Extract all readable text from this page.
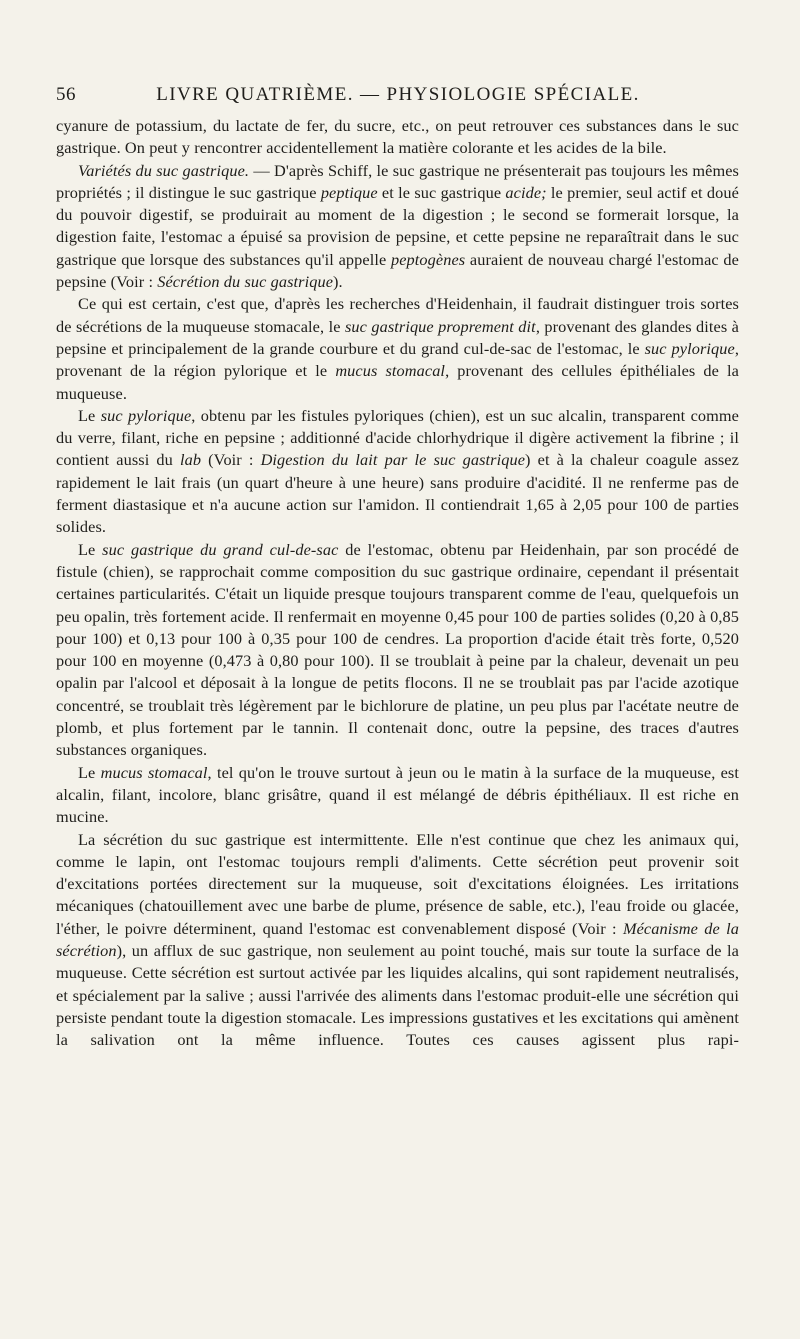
56	LIVRE QUATRIÈME. — PHYSIOLOGIE SPÉCIALE.

cyanure de potassium, du lactate de fer, du sucre, etc., on peut retrouver ces substances dans le suc gastrique. On peut y rencontrer accidentellement la matière colorante et les acides de la bile.

Variétés du suc gastrique. — D'après Schiff, le suc gastrique ne présenterait pas toujours les mêmes propriétés ; il distingue le suc gastrique peptique et le suc gastrique acide; le premier, seul actif et doué du pouvoir digestif, se produirait au moment de la digestion ; le second se formerait lorsque, la digestion faite, l'estomac a épuisé sa provision de pepsine, et cette pepsine ne reparaîtrait dans le suc gastrique que lorsque des substances qu'il appelle peptogènes auraient de nouveau chargé l'estomac de pepsine (Voir : Sécrétion du suc gastrique).

Ce qui est certain, c'est que, d'après les recherches d'Heidenhain, il faudrait distinguer trois sortes de sécrétions de la muqueuse stomacale, le suc gastrique proprement dit, provenant des glandes dites à pepsine et principalement de la grande courbure et du grand cul-de-sac de l'estomac, le suc pylorique, provenant de la région pylorique et le mucus stomacal, provenant des cellules épithéliales de la muqueuse.

Le suc pylorique, obtenu par les fistules pyloriques (chien), est un suc alcalin, transparent comme du verre, filant, riche en pepsine ; additionné d'acide chlorhydrique il digère activement la fibrine ; il contient aussi du lab (Voir : Digestion du lait par le suc gastrique) et à la chaleur coagule assez rapidement le lait frais (un quart d'heure à une heure) sans produire d'acidité. Il ne renferme pas de ferment diastasique et n'a aucune action sur l'amidon. Il contiendrait 1,65 à 2,05 pour 100 de parties solides.

Le suc gastrique du grand cul-de-sac de l'estomac, obtenu par Heidenhain, par son procédé de fistule (chien), se rapprochait comme composition du suc gastrique ordinaire, cependant il présentait certaines particularités. C'était un liquide presque toujours transparent comme de l'eau, quelquefois un peu opalin, très fortement acide. Il renfermait en moyenne 0,45 pour 100 de parties solides (0,20 à 0,85 pour 100) et 0,13 pour 100 à 0,35 pour 100 de cendres. La proportion d'acide était très forte, 0,520 pour 100 en moyenne (0,473 à 0,80 pour 100). Il se troublait à peine par la chaleur, devenait un peu opalin par l'alcool et déposait à la longue de petits flocons. Il ne se troublait pas par l'acide azotique concentré, se troublait très légèrement par le bichlorure de platine, un peu plus par l'acétate neutre de plomb, et plus fortement par le tannin. Il contenait donc, outre la pepsine, des traces d'autres substances organiques.

Le mucus stomacal, tel qu'on le trouve surtout à jeun ou le matin à la surface de la muqueuse, est alcalin, filant, incolore, blanc grisâtre, quand il est mélangé de débris épithéliaux. Il est riche en mucine.

La sécrétion du suc gastrique est intermittente. Elle n'est continue que chez les animaux qui, comme le lapin, ont l'estomac toujours rempli d'aliments. Cette sécrétion peut provenir soit d'excitations portées directement sur la muqueuse, soit d'excitations éloignées. Les irritations mécaniques (chatouillement avec une barbe de plume, présence de sable, etc.), l'eau froide ou glacée, l'éther, le poivre déterminent, quand l'estomac est convenablement disposé (Voir : Mécanisme de la sécrétion), un afflux de suc gastrique, non seulement au point touché, mais sur toute la surface de la muqueuse. Cette sécrétion est surtout activée par les liquides alcalins, qui sont rapidement neutralisés, et spécialement par la salive ; aussi l'arrivée des aliments dans l'estomac produit-elle une sécrétion qui persiste pendant toute la digestion stomacale. Les impressions gustatives et les excitations qui amènent la salivation ont la même influence. Toutes ces causes agissent plus rapi-
